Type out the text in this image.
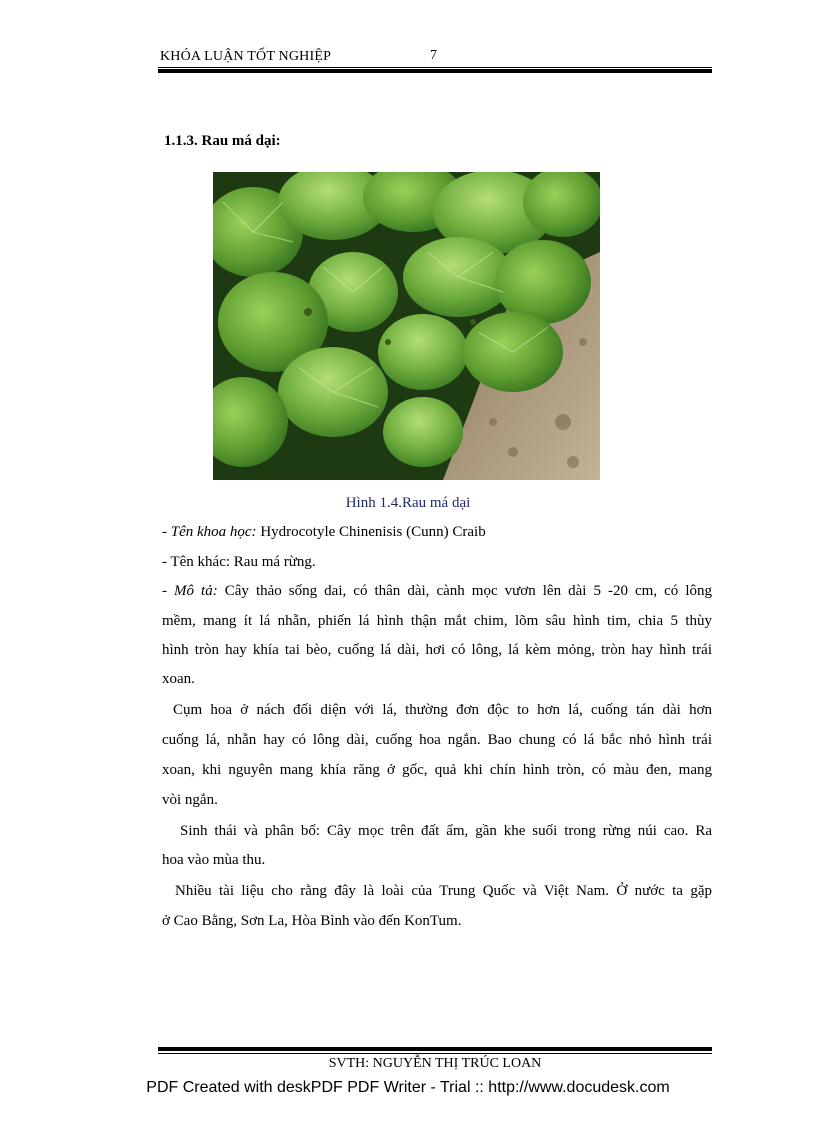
KHÓA LUẬN TỐT NGHIỆP	7
1.1.3. Rau má dại:
Hình 1.4.Rau má dại
- Tên khoa học: Hydrocotyle Chinenisis (Cunn) Craib
- Tên khác: Rau má rừng.
- Mô tả: Cây thảo sống dai, có thân dài, cành mọc vươn lên dài 5 -20 cm, có lông
mềm, mang ít lá nhẵn, phiến lá hình thận mắt chim, lõm sâu hình tim, chia 5 thùy
hình tròn hay khía tai bèo, cuống lá dài, hơi có lông, lá kèm mỏng, tròn hay hình trái
xoan.
Cụm hoa ở nách đối diện với lá, thường đơn độc to hơn lá, cuống tán dài hơn
cuống lá, nhẵn hay có lông dài, cuống hoa ngắn. Bao chung có lá bắc nhỏ hình trái
xoan, khi nguyên mang khía răng ở gốc, quả khi chín hình tròn, có màu đen, mang
vòi ngắn.
Sinh thái và phân bố: Cây mọc trên đất ẩm, gần khe suối trong rừng núi cao. Ra
hoa vào mùa thu.
Nhiều tài liệu cho rằng đây là loài của Trung Quốc và Việt Nam. Ở nước ta gặp
ở Cao Bằng, Sơn La, Hòa Bình vào đến KonTum.
SVTH: NGUYỄN THỊ TRÚC LOAN
PDF Created with deskPDF PDF Writer - Trial :: http://www.docudesk.com
